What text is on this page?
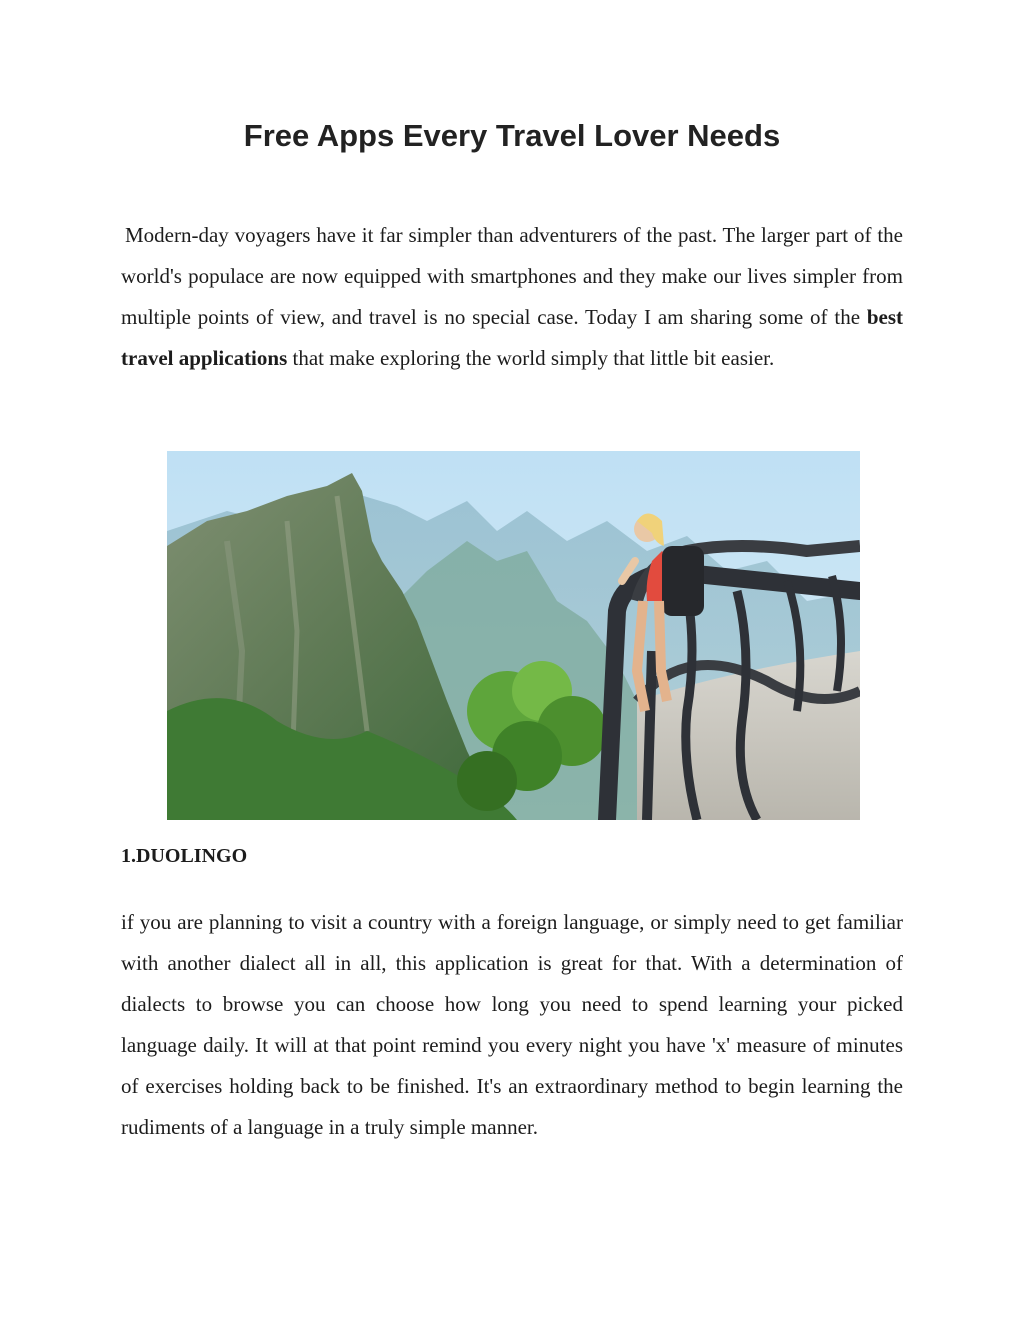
Free Apps Every Travel Lover Needs

Modern-day voyagers have it far simpler than adventurers of the past. The larger part of the world's populace are now equipped with smartphones and they make our lives simpler from multiple points of view, and travel is no special case. Today I am sharing some of the best travel applications that make exploring the world simply that little bit easier.

1.DUOLINGO

if you are planning to visit a country with a foreign language, or simply need to get familiar with another dialect all in all, this application is great for that. With a determination of dialects to browse you can choose how long you need to spend learning your picked language daily. It will at that point remind you every night you have 'x' measure of minutes of exercises holding back to be finished. It's an extraordinary method to begin learning the rudiments of a language in a truly simple manner.
